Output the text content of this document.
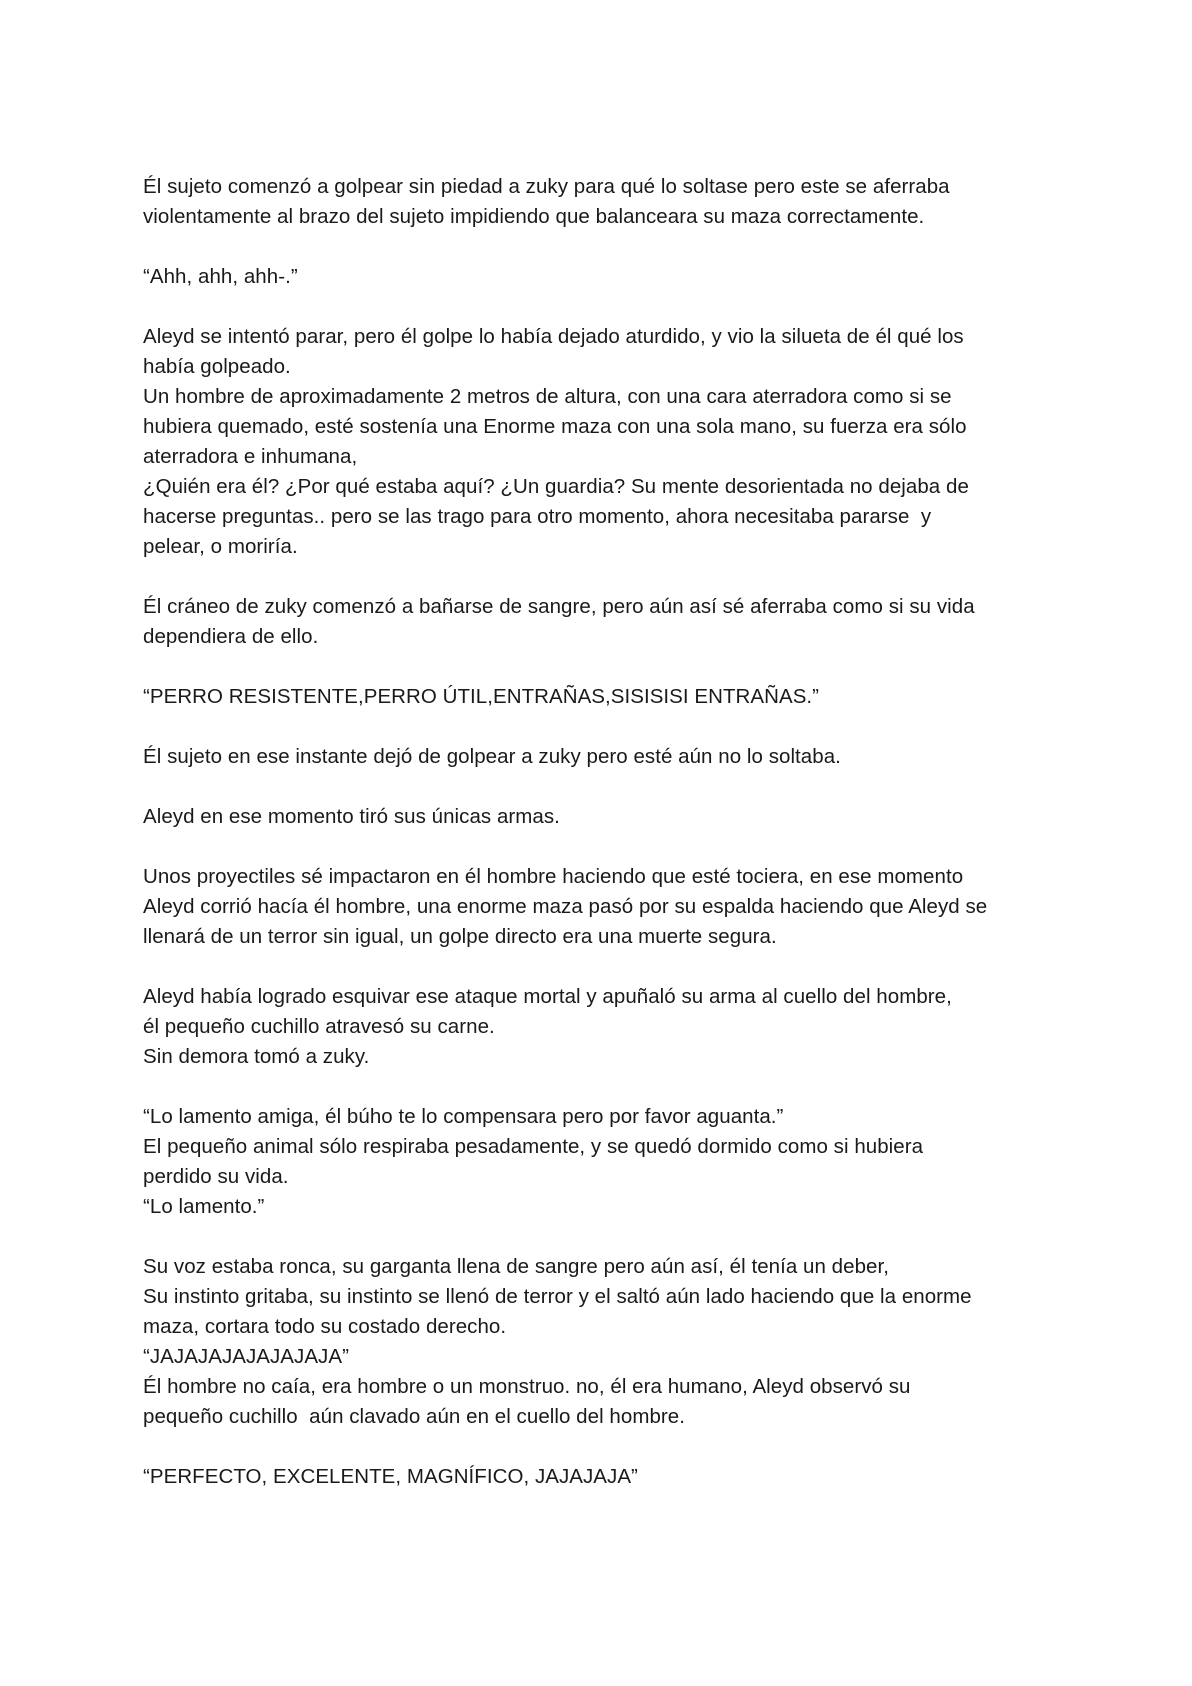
Él sujeto comenzó a golpear sin piedad a zuky para qué lo soltase pero este se aferraba
violentamente al brazo del sujeto impidiendo que balanceara su maza correctamente.
“Ahh, ahh, ahh-.”
Aleyd se intentó parar, pero él golpe lo había dejado aturdido, y vio la silueta de él qué los
había golpeado.
Un hombre de aproximadamente 2 metros de altura, con una cara aterradora como si se
hubiera quemado, esté sostenía una Enorme maza con una sola mano, su fuerza era sólo
aterradora e inhumana,
¿Quién era él? ¿Por qué estaba aquí? ¿Un guardia? Su mente desorientada no dejaba de
hacerse preguntas.. pero se las trago para otro momento, ahora necesitaba pararse  y
pelear, o moriría.
Él cráneo de zuky comenzó a bañarse de sangre, pero aún así sé aferraba como si su vida
dependiera de ello.
“PERRO RESISTENTE,PERRO ÚTIL,ENTRAÑAS,SISISISI ENTRAÑAS.”
Él sujeto en ese instante dejó de golpear a zuky pero esté aún no lo soltaba.
Aleyd en ese momento tiró sus únicas armas.
Unos proyectiles sé impactaron en él hombre haciendo que esté tociera, en ese momento
Aleyd corrió hacía él hombre, una enorme maza pasó por su espalda haciendo que Aleyd se
llenará de un terror sin igual, un golpe directo era una muerte segura.
Aleyd había logrado esquivar ese ataque mortal y apuñaló su arma al cuello del hombre,
él pequeño cuchillo atravesó su carne.
Sin demora tomó a zuky.
“Lo lamento amiga, él búho te lo compensara pero por favor aguanta.”
El pequeño animal sólo respiraba pesadamente, y se quedó dormido como si hubiera
perdido su vida.
“Lo lamento.”
Su voz estaba ronca, su garganta llena de sangre pero aún así, él tenía un deber,
Su instinto gritaba, su instinto se llenó de terror y el saltó aún lado haciendo que la enorme
maza, cortara todo su costado derecho.
“JAJAJAJAJAJAJAJA”
Él hombre no caía, era hombre o un monstruo. no, él era humano, Aleyd observó su
pequeño cuchillo  aún clavado aún en el cuello del hombre.
“PERFECTO, EXCELENTE, MAGNÍFICO, JAJAJAJA”
